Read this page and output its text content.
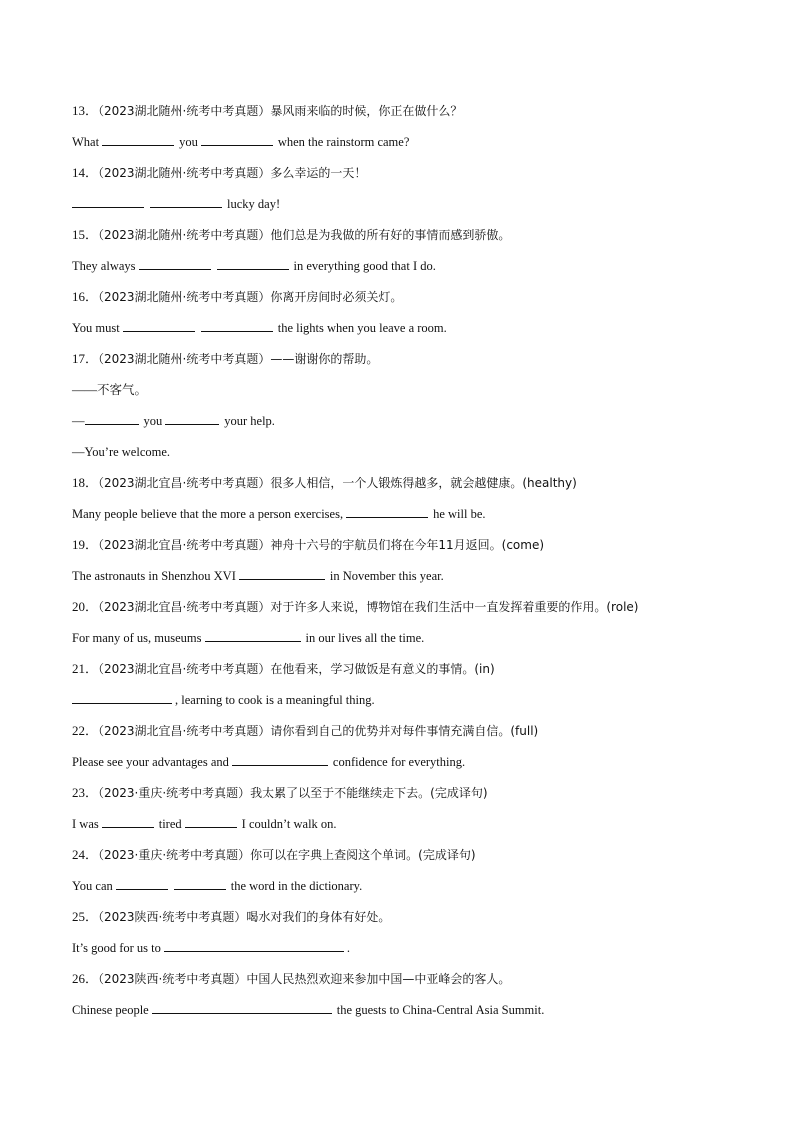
13．（2023湖北随州·统考中考真题）暴风雨来临的时候，你正在做什么？
What	you	when the rainstorm came?
14．（2023湖北随州·统考中考真题）多么幸运的一天！
lucky day!
15．（2023湖北随州·统考中考真题）他们总是为我做的所有好的事情而感到骄傲。
They always	in everything good that I do.
16．（2023湖北随州·统考中考真题）你离开房间时必须关灯。
You must	the lights when you leave a room.
17．（2023湖北随州·统考中考真题）——谢谢你的帮助。
——不客气。
—	you	your help.
—You’re welcome.
18．（2023湖北宜昌·统考中考真题）很多人相信，一个人锻炼得越多，就会越健康。(healthy)
Many people believe that the more a person exercises,	he will be.
19．（2023湖北宜昌·统考中考真题）神舟十六号的宇航员们将在今年11月返回。(come)
The astronauts in Shenzhou XVI	in November this year.
20．（2023湖北宜昌·统考中考真题）对于许多人来说，博物馆在我们生活中一直发挥着重要的作用。(role)
For many of us, museums	in our lives all the time.
21．（2023湖北宜昌·统考中考真题）在他看来，学习做饭是有意义的事情。(in)
, learning to cook is a meaningful thing.
22．（2023湖北宜昌·统考中考真题）请你看到自己的优势并对每件事情充满自信。(full)
Please see your advantages and	confidence for everything.
23．（2023·重庆·统考中考真题）我太累了以至于不能继续走下去。(完成译句)
I was	tired	I couldn’t walk on.
24．（2023·重庆·统考中考真题）你可以在字典上查阅这个单词。(完成译句)
You can	the word in the dictionary.
25．（2023陕西·统考中考真题）喝水对我们的身体有好处。
It’s good for us to	.
26．（2023陕西·统考中考真题）中国人民热烈欢迎来参加中国—中亚峰会的客人。
Chinese people	the guests to China-Central Asia Summit.
